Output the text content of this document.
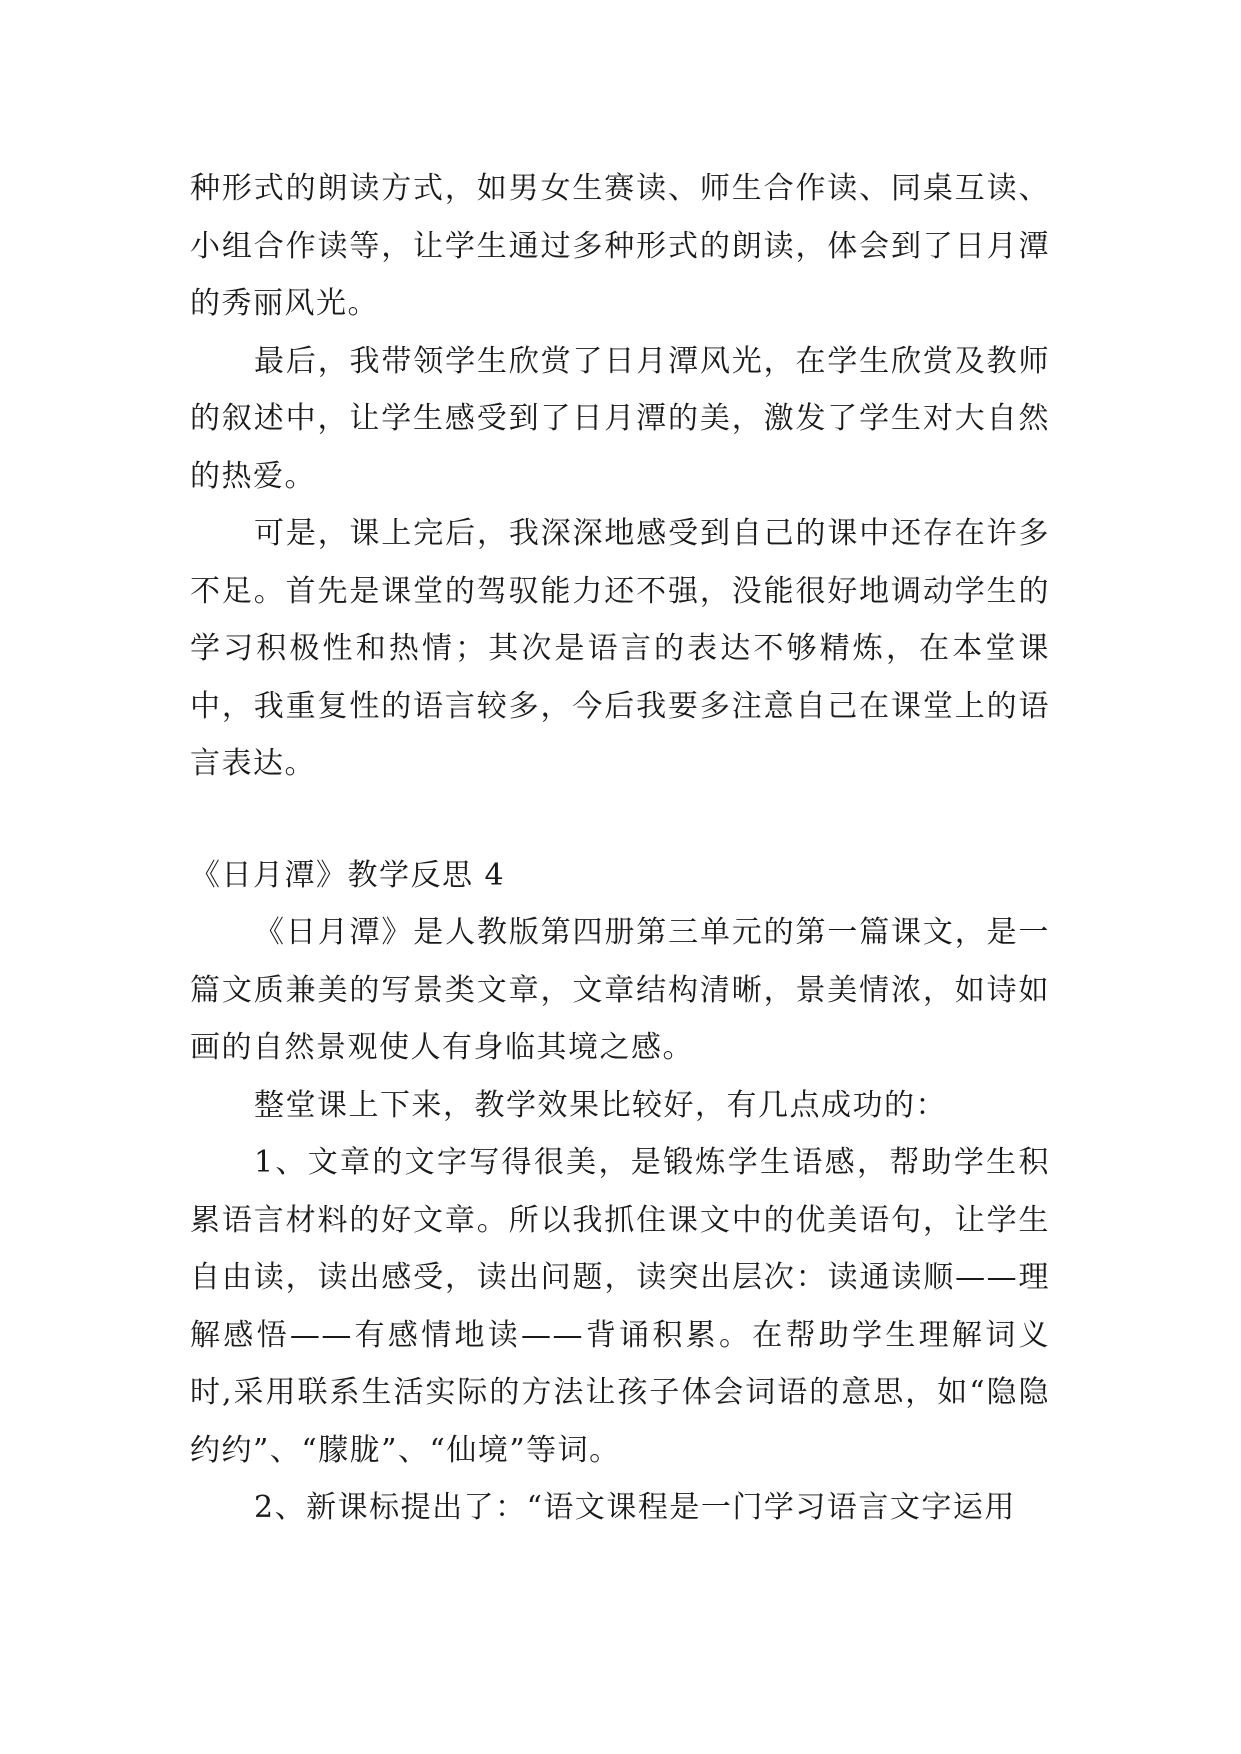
种形式的朗读方式，如男女生赛读、师生合作读、同桌互读、小组合作读等，让学生通过多种形式的朗读，体会到了日月潭的秀丽风光。

最后，我带领学生欣赏了日月潭风光，在学生欣赏及教师的叙述中，让学生感受到了日月潭的美，激发了学生对大自然的热爱。

可是，课上完后，我深深地感受到自己的课中还存在许多不足。首先是课堂的驾驭能力还不强，没能很好地调动学生的学习积极性和热情；其次是语言的表达不够精炼，在本堂课中，我重复性的语言较多，今后我要多注意自己在课堂上的语言表达。

《日月潭》教学反思 4

《日月潭》是人教版第四册第三单元的第一篇课文，是一篇文质兼美的写景类文章，文章结构清晰，景美情浓，如诗如画的自然景观使人有身临其境之感。

整堂课上下来，教学效果比较好，有几点成功的：

1、文章的文字写得很美，是锻炼学生语感，帮助学生积累语言材料的好文章。所以我抓住课文中的优美语句，让学生自由读，读出感受，读出问题，读突出层次：读通读顺——理解感悟——有感情地读——背诵积累。在帮助学生理解词义时,采用联系生活实际的方法让孩子体会词语的意思，如“隐隐约约”、“朦胧”、“仙境”等词。

2、新课标提出了：“语文课程是一门学习语言文字运用
